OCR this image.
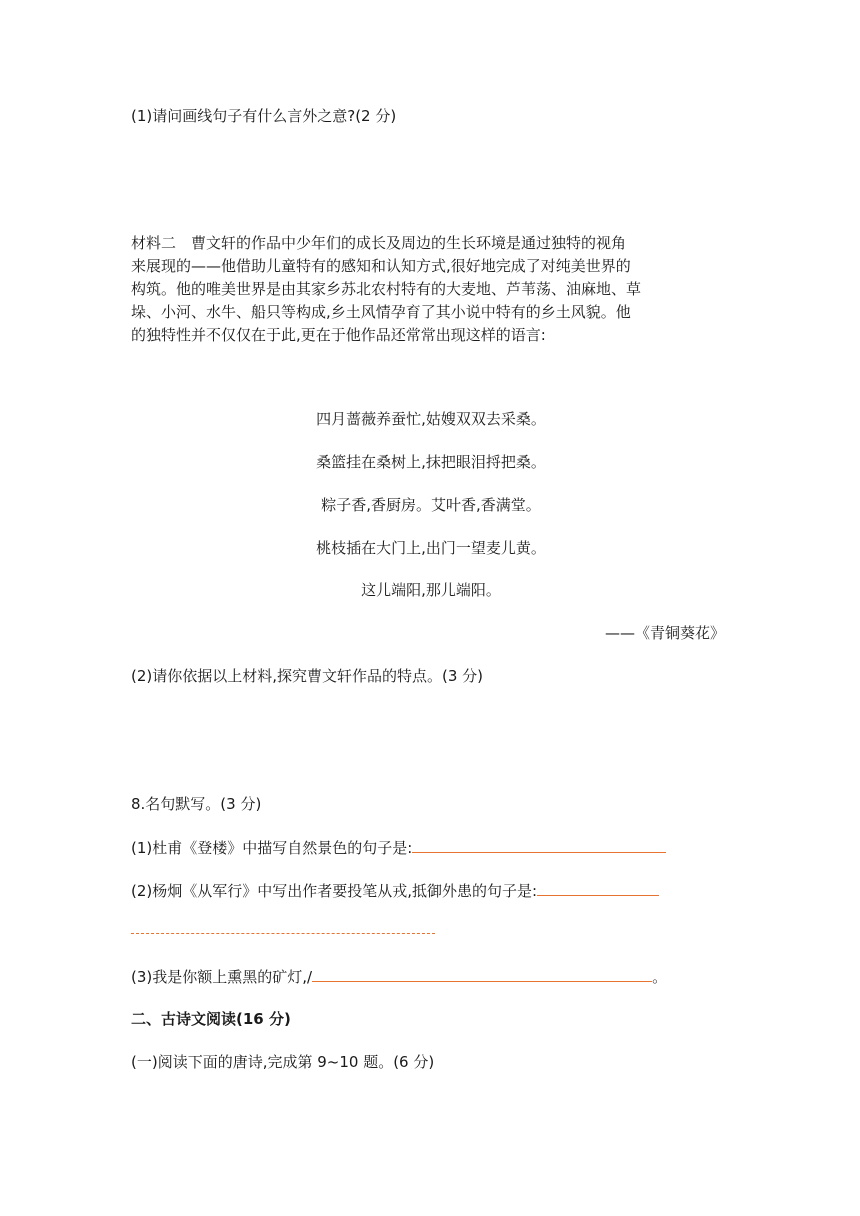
(1)请问画线句子有什么言外之意?(2 分)
材料二　曹文轩的作品中少年们的成长及周边的生长环境是通过独特的视角
来展现的——他借助儿童特有的感知和认知方式,很好地完成了对纯美世界的
构筑。他的唯美世界是由其家乡苏北农村特有的大麦地、芦苇荡、油麻地、草
垛、小河、水牛、船只等构成,乡土风情孕育了其小说中特有的乡土风貌。他
的独特性并不仅仅在于此,更在于他作品还常常出现这样的语言:
四月蔷薇养蚕忙,姑嫂双双去采桑。
桑篮挂在桑树上,抹把眼泪捋把桑。
粽子香,香厨房。艾叶香,香满堂。
桃枝插在大门上,出门一望麦儿黄。
这儿端阳,那儿端阳。
——《青铜葵花》
(2)请你依据以上材料,探究曹文轩作品的特点。(3 分)
8.名句默写。(3 分)
(1)杜甫《登楼》中描写自然景色的句子是:
(2)杨炯《从军行》中写出作者要投笔从戎,抵御外患的句子是:
(3)我是你额上熏黑的矿灯,/	。
二、古诗文阅读(16 分)
(一)阅读下面的唐诗,完成第 9~10 题。(6 分)
